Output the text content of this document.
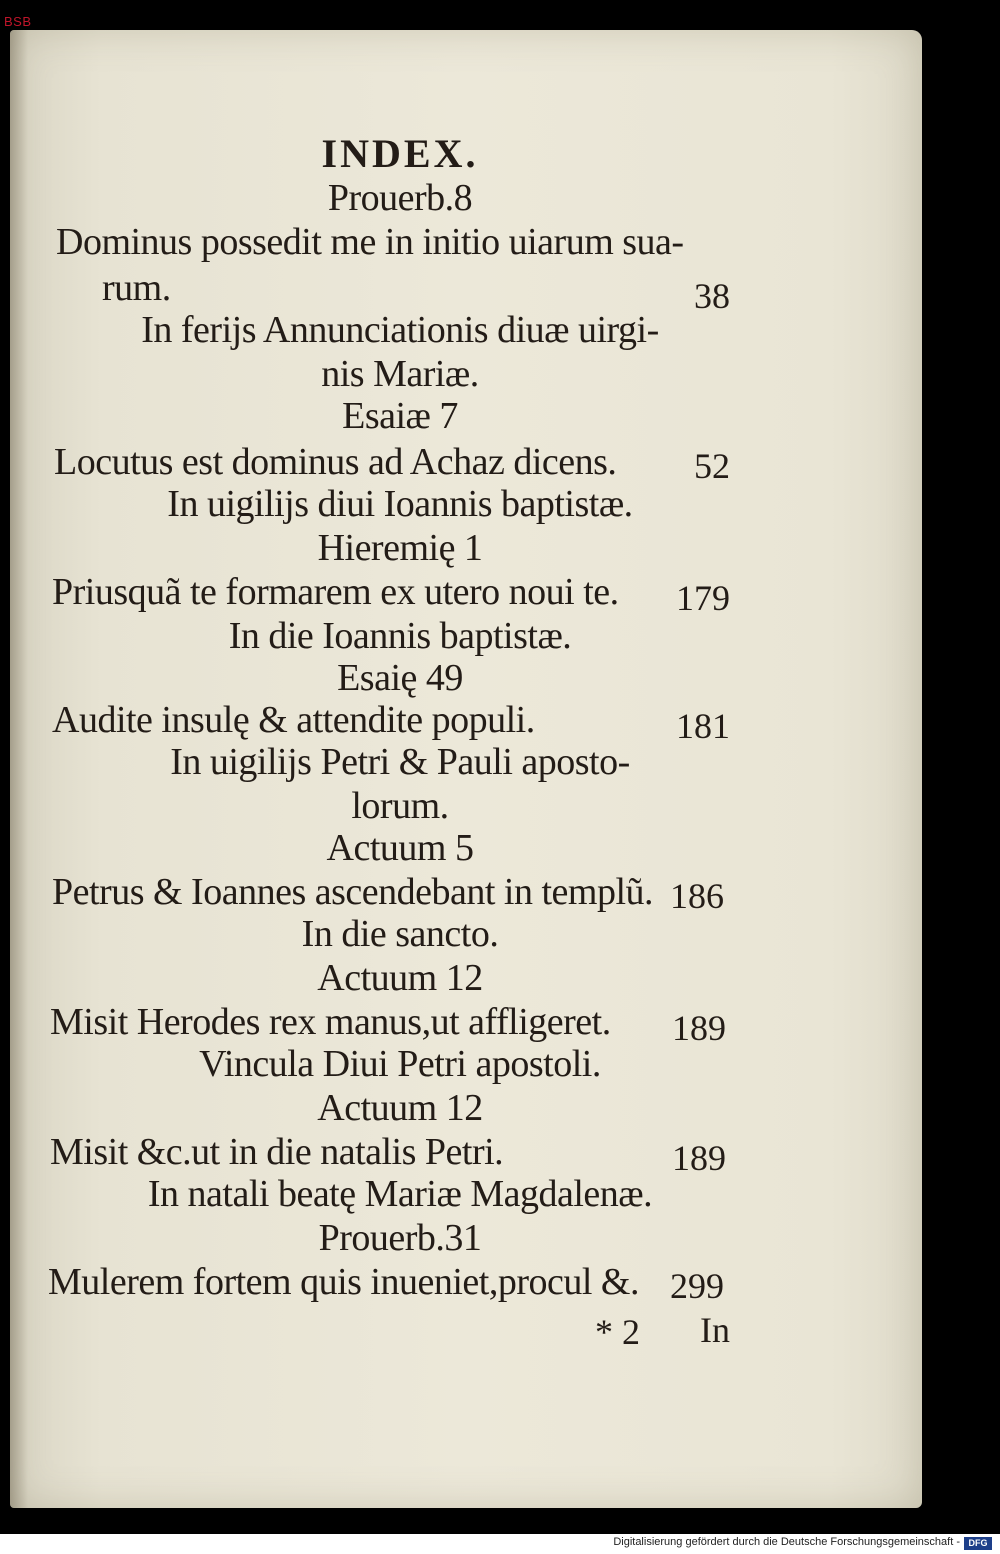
BSB
INDEX.
Prouerb.8
Dominus possedit me in initio uiarum sua-
rum.	38
In ferijs Annunciationis diuæ uirgi-
nis Mariæ.
Esaiæ 7
Locutus est dominus ad Achaz dicens.	52
In uigilijs diui Ioannis baptistæ.
Hieremię 1
Priusquã te formarem ex utero noui te.	179
In die Ioannis baptistæ.
Esaię 49
Audite insulę & attendite populi.	181
In uigilijs Petri & Pauli aposto-
lorum.
Actuum 5
Petrus & Ioannes ascendebant in templũ. 186
In die sancto.
Actuum 12
Misit Herodes rex manus,ut affligeret.	189
Vincula Diui Petri apostoli.
Actuum 12
Misit &c.ut in die natalis Petri.	189
In natali beatę Mariæ Magdalenæ.
Prouerb.31
Mulerem fortem quis inueniet,procul &. 299
* 2	In
Digitalisierung gefördert durch die Deutsche Forschungsgemeinschaft - DFG
